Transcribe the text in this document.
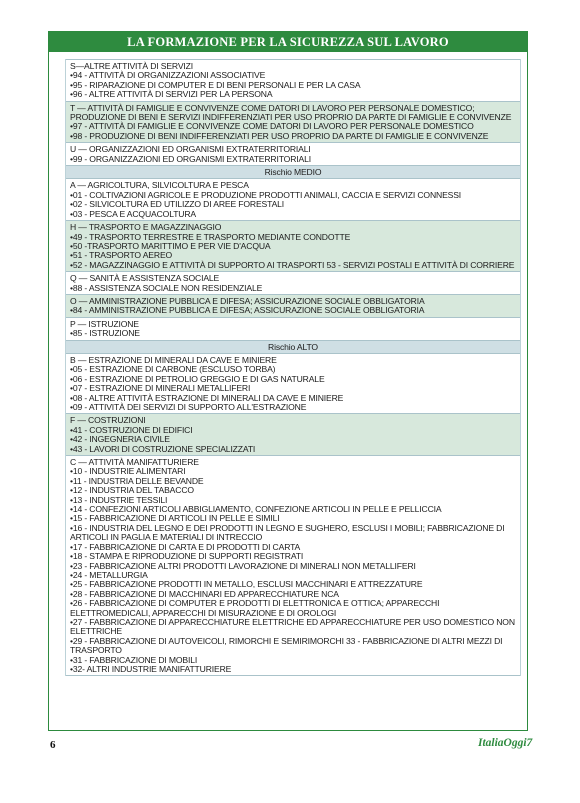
LA FORMAZIONE PER LA SICUREZZA SUL LAVORO
S—ALTRE ATTIVITÀ DI SERVIZI
•94 - ATTIVITÀ DI ORGANIZZAZIONI ASSOCIATIVE
•95 - RIPARAZIONE DI COMPUTER E DI BENI PERSONALI E PER LA CASA
•96 - ALTRE ATTIVITÀ DI SERVIZI PER LA PERSONA
T — ATTIVITÀ DI FAMIGLIE E CONVIVENZE COME DATORI DI LAVORO PER PERSONALE DOMESTICO; PRODUZIONE DI BENI E SERVIZI INDIFFERENZIATI PER USO PROPRIO DA PARTE DI FAMIGLIE E CONVIVENZE
•97 - ATTIVITÀ DI FAMIGLIE E CONVIVENZE COME DATORI DI LAVORO PER PERSONALE DOMESTICO
•98 - PRODUZIONE DI BENI INDIFFERENZIATI PER USO PROPRIO DA PARTE DI FAMIGLIE E CONVIVENZE
U — ORGANIZZAZIONI ED ORGANISMI EXTRATERRITORIALI
•99 - ORGANIZZAZIONI ED ORGANISMI EXTRATERRITORIALI
Rischio MEDIO
A — AGRICOLTURA, SILVICOLTURA E PESCA
•01 - COLTIVAZIONI AGRICOLE E PRODUZIONE PRODOTTI ANIMALI, CACCIA E SERVIZI CONNESSI
•02 - SILVICOLTURA ED UTILIZZO DI AREE FORESTALI
•03 - PESCA E ACQUACOLTURA
H — TRASPORTO E MAGAZZINAGGIO
•49 - TRASPORTO TERRESTRE E TRASPORTO MEDIANTE CONDOTTE
•50 -TRASPORTO MARITTIMO E PER VIE D'ACQUA
•51 - TRASPORTO AEREO
•52 - MAGAZZINAGGIO E ATTIVITÀ DI SUPPORTO AI TRASPORTI 53 - SERVIZI POSTALI E ATTIVITÀ DI CORRIERE
Q — SANITÀ E ASSISTENZA SOCIALE
•88 - ASSISTENZA SOCIALE NON RESIDENZIALE
O — AMMINISTRAZIONE PUBBLICA E DIFESA; ASSICURAZIONE SOCIALE OBBLIGATORIA
•84 - AMMINISTRAZIONE PUBBLICA E DIFESA; ASSICURAZIONE SOCIALE OBBLIGATORIA
P — ISTRUZIONE
•85 - ISTRUZIONE
Rischio ALTO
B — ESTRAZIONE DI MINERALI DA CAVE E MINIERE
•05 - ESTRAZIONE DI CARBONE (ESCLUSO TORBA)
•06 - ESTRAZIONE DI PETROLIO GREGGIO E DI GAS NATURALE
•07 - ESTRAZIONE DI MINERALI METALLIFERI
•08 - ALTRE ATTIVITÀ ESTRAZIONE DI MINERALI DA CAVE E MINIERE
•09 - ATTIVITÀ DEI SERVIZI DI SUPPORTO ALL'ESTRAZIONE
F — COSTRUZIONI
•41 - COSTRUZIONE DI EDIFICI
•42 - INGEGNERIA CIVILE
•43 - LAVORI DI COSTRUZIONE SPECIALIZZATI
C — ATTIVITÀ MANIFATTURIERE
•10 - INDUSTRIE ALIMENTARI
•11 - INDUSTRIA DELLE BEVANDE
•12 - INDUSTRIA DEL TABACCO
•13 - INDUSTRIE TESSILI
•14 - CONFEZIONI ARTICOLI ABBIGLIAMENTO, CONFEZIONE ARTICOLI IN PELLE E PELLICCIA
•15 - FABBRICAZIONE DI ARTICOLI IN PELLE E SIMILI
•16 - INDUSTRIA DEL LEGNO E DEI PRODOTTI IN LEGNO E SUGHERO, ESCLUSI I MOBILI; FABBRICAZIONE DI ARTICOLI IN PAGLIA E MATERIALI DI INTRECCIO
•17 - FABBRICAZIONE DI CARTA E DI PRODOTTI DI CARTA
•18 - STAMPA E RIPRODUZIONE DI SUPPORTI REGISTRATI
•23 - FABBRICAZIONE ALTRI PRODOTTI LAVORAZIONE DI MINERALI NON METALLIFERI
•24 - METALLURGIA
•25 - FABBRICAZIONE PRODOTTI IN METALLO, ESCLUSI MACCHINARI E ATTREZZATURE
•28 - FABBRICAZIONE DI MACCHINARI ED APPARECCHIATURE NCA
•26 - FABBRICAZIONE DI COMPUTER E PRODOTTI DI ELETTRONICA E OTTICA; APPARECCHI ELETTROMEDICALI, APPARECCHI DI MISURAZIONE E DI OROLOGI
•27 - FABBRICAZIONE DI APPARECCHIATURE ELETTRICHE ED APPARECCHIATURE PER USO DOMESTICO NON ELETTRICHE
•29 - FABBRICAZIONE DI AUTOVEICOLI, RIMORCHI E SEMIRIMORCHI 33 - FABBRICAZIONE DI ALTRI MEZZI DI TRASPORTO
•31 - FABBRICAZIONE DI MOBILI
•32- ALTRI INDUSTRIE MANIFATTURIERE
6	ItaliaOggi7
